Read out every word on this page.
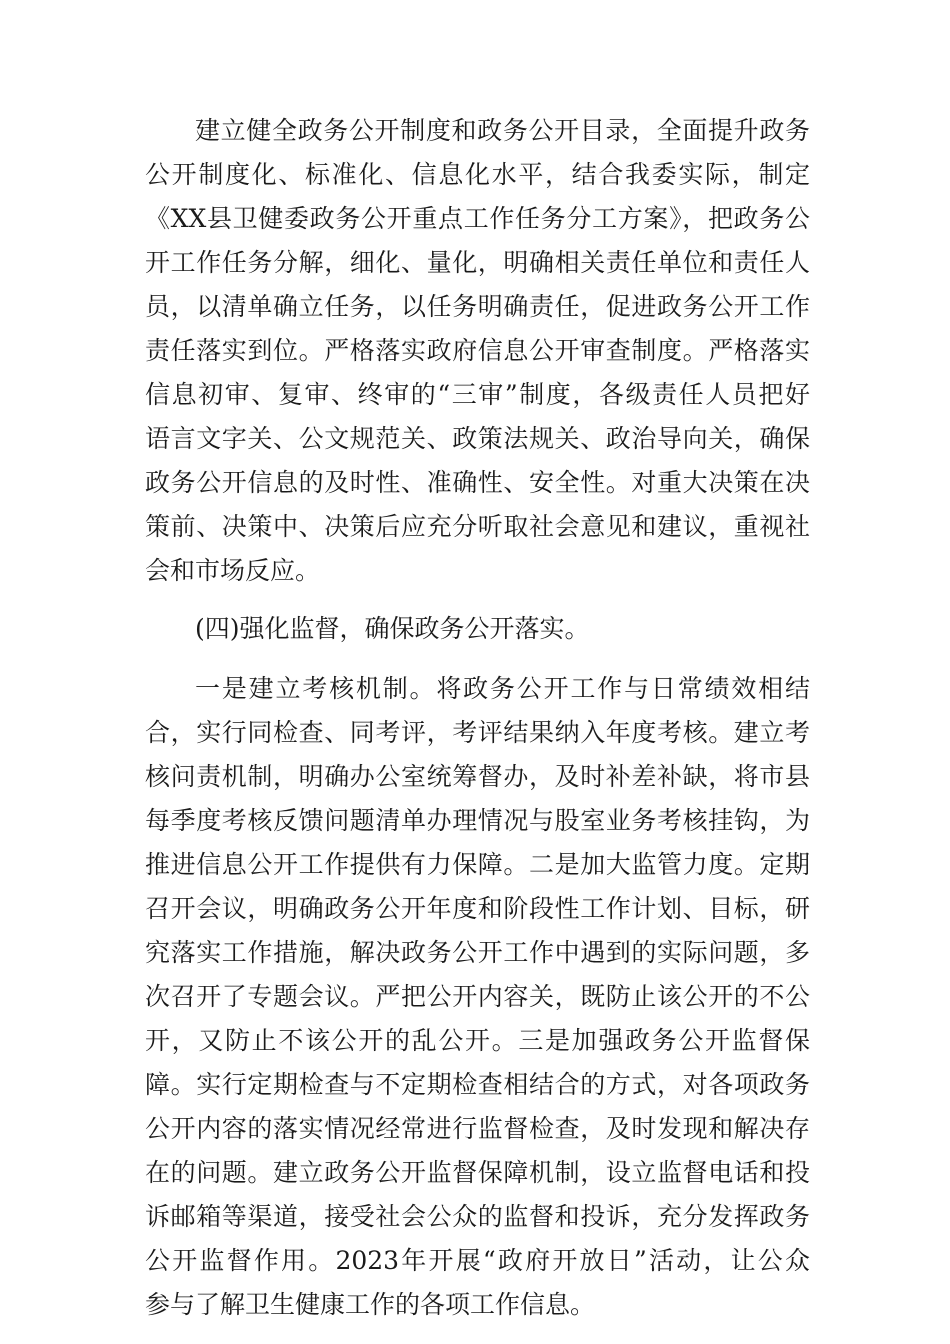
建立健全政务公开制度和政务公开目录，全面提升政务
公开制度化、标准化、信息化水平，结合我委实际，制定
《XX县卫健委政务公开重点工作任务分工方案》，把政务公
开工作任务分解，细化、量化，明确相关责任单位和责任人
员，以清单确立任务，以任务明确责任，促进政务公开工作
责任落实到位。严格落实政府信息公开审查制度。严格落实
信息初审、复审、终审的“三审”制度，各级责任人员把好
语言文字关、公文规范关、政策法规关、政治导向关，确保
政务公开信息的及时性、准确性、安全性。对重大决策在决
策前、决策中、决策后应充分听取社会意见和建议，重视社
会和市场反应。
(四)强化监督，确保政务公开落实。
一是建立考核机制。将政务公开工作与日常绩效相结
合，实行同检查、同考评，考评结果纳入年度考核。建立考
核问责机制，明确办公室统筹督办，及时补差补缺，将市县
每季度考核反馈问题清单办理情况与股室业务考核挂钩，为
推进信息公开工作提供有力保障。二是加大监管力度。定期
召开会议，明确政务公开年度和阶段性工作计划、目标，研
究落实工作措施，解决政务公开工作中遇到的实际问题，多
次召开了专题会议。严把公开内容关，既防止该公开的不公
开，又防止不该公开的乱公开。三是加强政务公开监督保
障。实行定期检查与不定期检查相结合的方式，对各项政务
公开内容的落实情况经常进行监督检查，及时发现和解决存
在的问题。建立政务公开监督保障机制，设立监督电话和投
诉邮箱等渠道，接受社会公众的监督和投诉，充分发挥政务
公开监督作用。2023年开展“政府开放日”活动，让公众
参与了解卫生健康工作的各项工作信息。
